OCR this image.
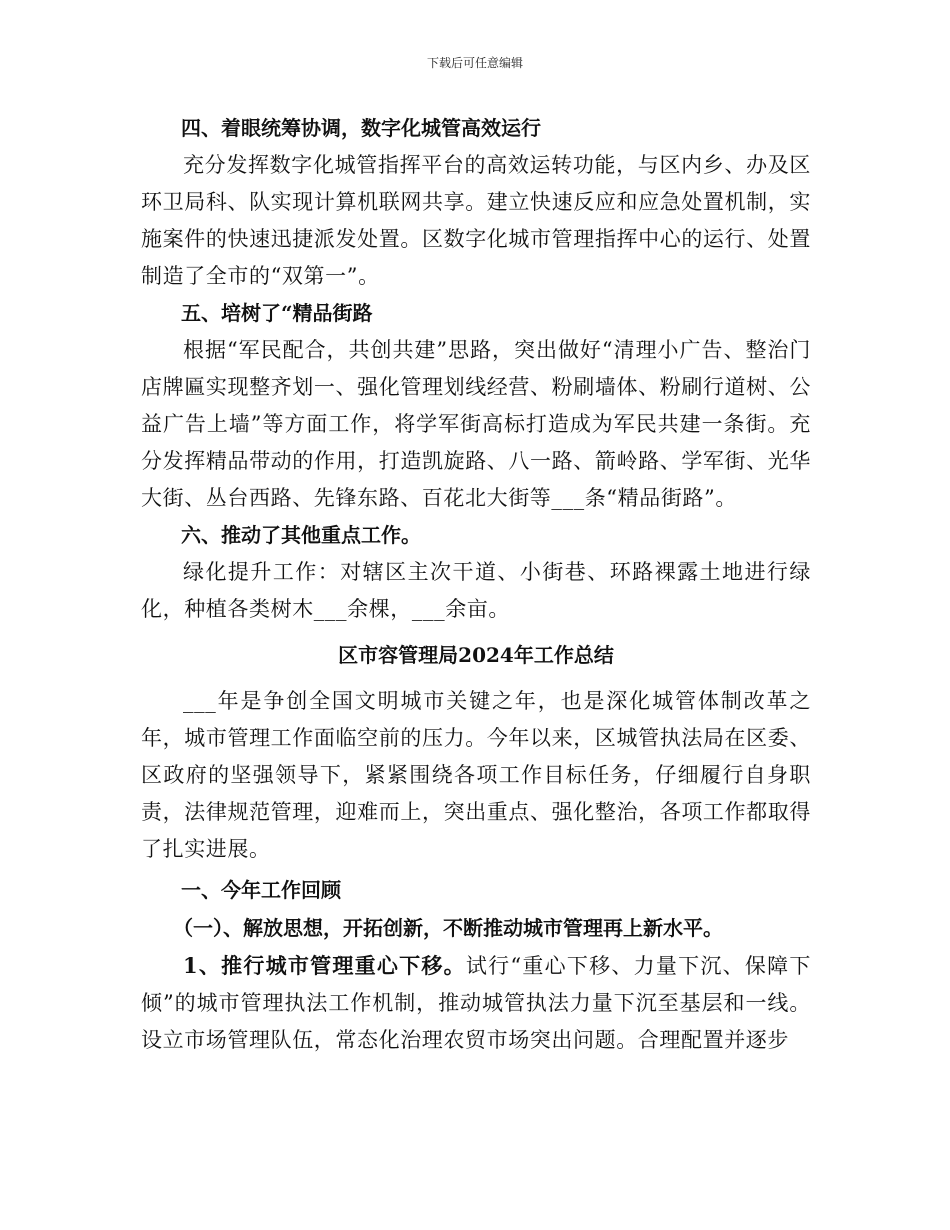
下载后可任意编辑

四、着眼统筹协调，数字化城管高效运行

充分发挥数字化城管指挥平台的高效运转功能，与区内乡、办及区环卫局科、队实现计算机联网共享。建立快速反应和应急处置机制，实施案件的快速迅捷派发处置。区数字化城市管理指挥中心的运行、处置制造了全市的“双第一”。

五、培树了“精品街路

根据“军民配合，共创共建”思路，突出做好“清理小广告、整治门店牌匾实现整齐划一、强化管理划线经营、粉刷墙体、粉刷行道树、公益广告上墙”等方面工作，将学军街高标打造成为军民共建一条街。充分发挥精品带动的作用，打造凯旋路、八一路、箭岭路、学军街、光华大街、丛台西路、先锋东路、百花北大街等___条“精品街路”。

六、推动了其他重点工作。

绿化提升工作：对辖区主次干道、小街巷、环路裸露土地进行绿化，种植各类树木___余棵，___余亩。

区市容管理局2024年工作总结

___年是争创全国文明城市关键之年，也是深化城管体制改革之年，城市管理工作面临空前的压力。今年以来，区城管执法局在区委、区政府的坚强领导下，紧紧围绕各项工作目标任务，仔细履行自身职责，法律规范管理，迎难而上，突出重点、强化整治，各项工作都取得了扎实进展。

一、今年工作回顾

（一）、解放思想，开拓创新，不断推动城市管理再上新水平。

1、推行城市管理重心下移。试行“重心下移、力量下沉、保障下倾”的城市管理执法工作机制，推动城管执法力量下沉至基层和一线。设立市场管理队伍，常态化治理农贸市场突出问题。合理配置并逐步
